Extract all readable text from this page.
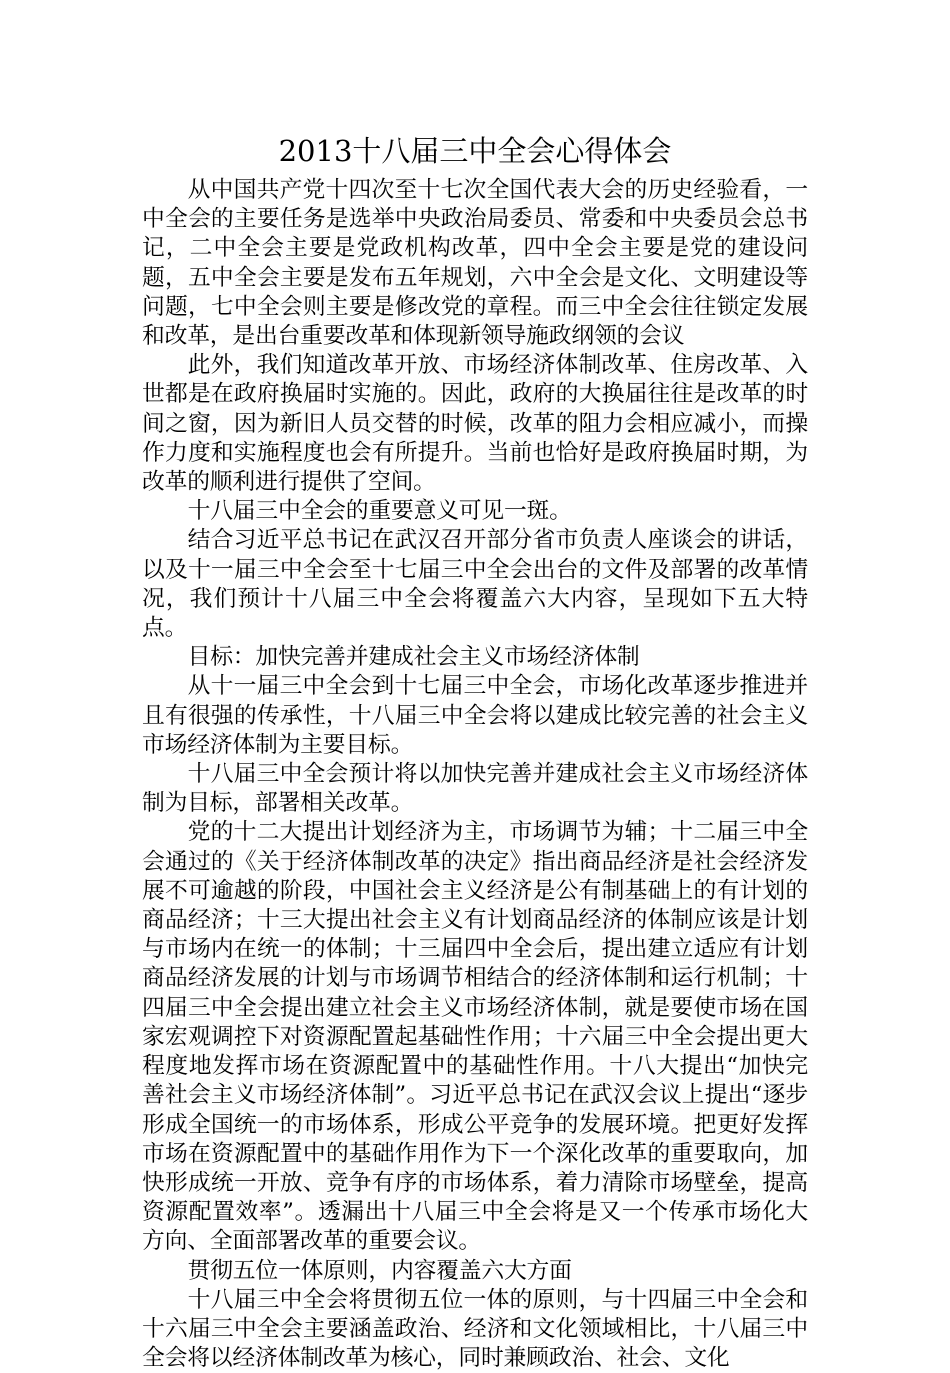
2013十八届三中全会心得体会

从中国共产党十四次至十七次全国代表大会的历史经验看，一中全会的主要任务是选举中央政治局委员、常委和中央委员会总书记，二中全会主要是党政机构改革，四中全会主要是党的建设问题，五中全会主要是发布五年规划，六中全会是文化、文明建设等问题，七中全会则主要是修改党的章程。而三中全会往往锁定发展和改革，是出台重要改革和体现新领导施政纲领的会议

此外，我们知道改革开放、市场经济体制改革、住房改革、入世都是在政府换届时实施的。因此，政府的大换届往往是改革的时间之窗，因为新旧人员交替的时候，改革的阻力会相应减小，而操作力度和实施程度也会有所提升。当前也恰好是政府换届时期，为改革的顺利进行提供了空间。

十八届三中全会的重要意义可见一斑。

结合习近平总书记在武汉召开部分省市负责人座谈会的讲话，以及十一届三中全会至十七届三中全会出台的文件及部署的改革情况，我们预计十八届三中全会将覆盖六大内容，呈现如下五大特点。

目标：加快完善并建成社会主义市场经济体制

从十一届三中全会到十七届三中全会，市场化改革逐步推进并且有很强的传承性，十八届三中全会将以建成比较完善的社会主义市场经济体制为主要目标。

十八届三中全会预计将以加快完善并建成社会主义市场经济体制为目标，部署相关改革。

党的十二大提出计划经济为主，市场调节为辅；十二届三中全会通过的《关于经济体制改革的决定》指出商品经济是社会经济发展不可逾越的阶段，中国社会主义经济是公有制基础上的有计划的商品经济；十三大提出社会主义有计划商品经济的体制应该是计划与市场内在统一的体制；十三届四中全会后，提出建立适应有计划商品经济发展的计划与市场调节相结合的经济体制和运行机制；十四届三中全会提出建立社会主义市场经济体制，就是要使市场在国家宏观调控下对资源配置起基础性作用；十六届三中全会提出更大程度地发挥市场在资源配置中的基础性作用。十八大提出“加快完善社会主义市场经济体制”。习近平总书记在武汉会议上提出“逐步形成全国统一的市场体系，形成公平竞争的发展环境。把更好发挥市场在资源配置中的基础作用作为下一个深化改革的重要取向，加快形成统一开放、竞争有序的市场体系，着力清除市场壁垒，提高资源配置效率”。透漏出十八届三中全会将是又一个传承市场化大方向、全面部署改革的重要会议。

贯彻五位一体原则，内容覆盖六大方面

十八届三中全会将贯彻五位一体的原则，与十四届三中全会和十六届三中全会主要涵盖政治、经济和文化领域相比，十八届三中全会将以经济体制改革为核心，同时兼顾政治、社会、文化
